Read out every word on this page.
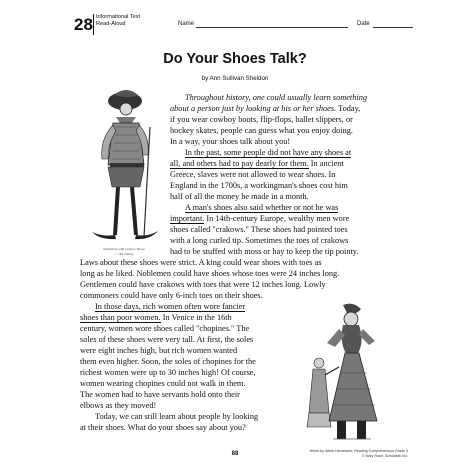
28 Informational Text
Read-Aloud	Name	Date
Do Your Shoes Talk?
by Ann Sullivan Sheldon
Nobleman with Crakow Shoes
c. 14th century
Throughout history, one could usually learn something
about a person just by looking at his or her shoes. Today,
if you wear cowboy boots, flip-flops, ballet slippers, or
hockey skates, people can guess what you enjoy doing.
In a way, your shoes talk about you!
In the past, some people did not have any shoes at
all, and others had to pay dearly for them. In ancient
Greece, slaves were not allowed to wear shoes. In
England in the 1700s, a workingman's shoes cost him
half of all the money he made in a month.
A man's shoes also said whether or not he was
important. In 14th-century Europe, wealthy men wore
shoes called "crakows." These shoes had pointed toes
with a long curled tip. Sometimes the toes of crakows
had to be stuffed with moss or hay to keep the tip pointy.
Laws about these shoes were strict. A king could wear shoes with toes as
long as he liked. Noblemen could have shoes whose toes were 24 inches long.
Gentlemen could have crakows with toes that were 12 inches long. Lowly
commoners could have only 6-inch toes on their shoes.
In those days, rich women often wore fancier
shoes than poor women. In Venice in the 16th
century, women wore shoes called "chopines." The
soles of these shoes were very tall. At first, the soles
were eight inches high, but rich women wanted
them even higher. Soon, the soles of chopines for the
richest women were up to 30 inches high! Of course,
women wearing chopines could not walk in them.
The women had to have servants hold onto their
elbows as they moved!
Today, we can still learn about people by looking
at their shoes. What do your shoes say about you?
88	Week-by-Week Homework: Reading Comprehension Grade 3
© Mary Rose, Scholastic Inc.
